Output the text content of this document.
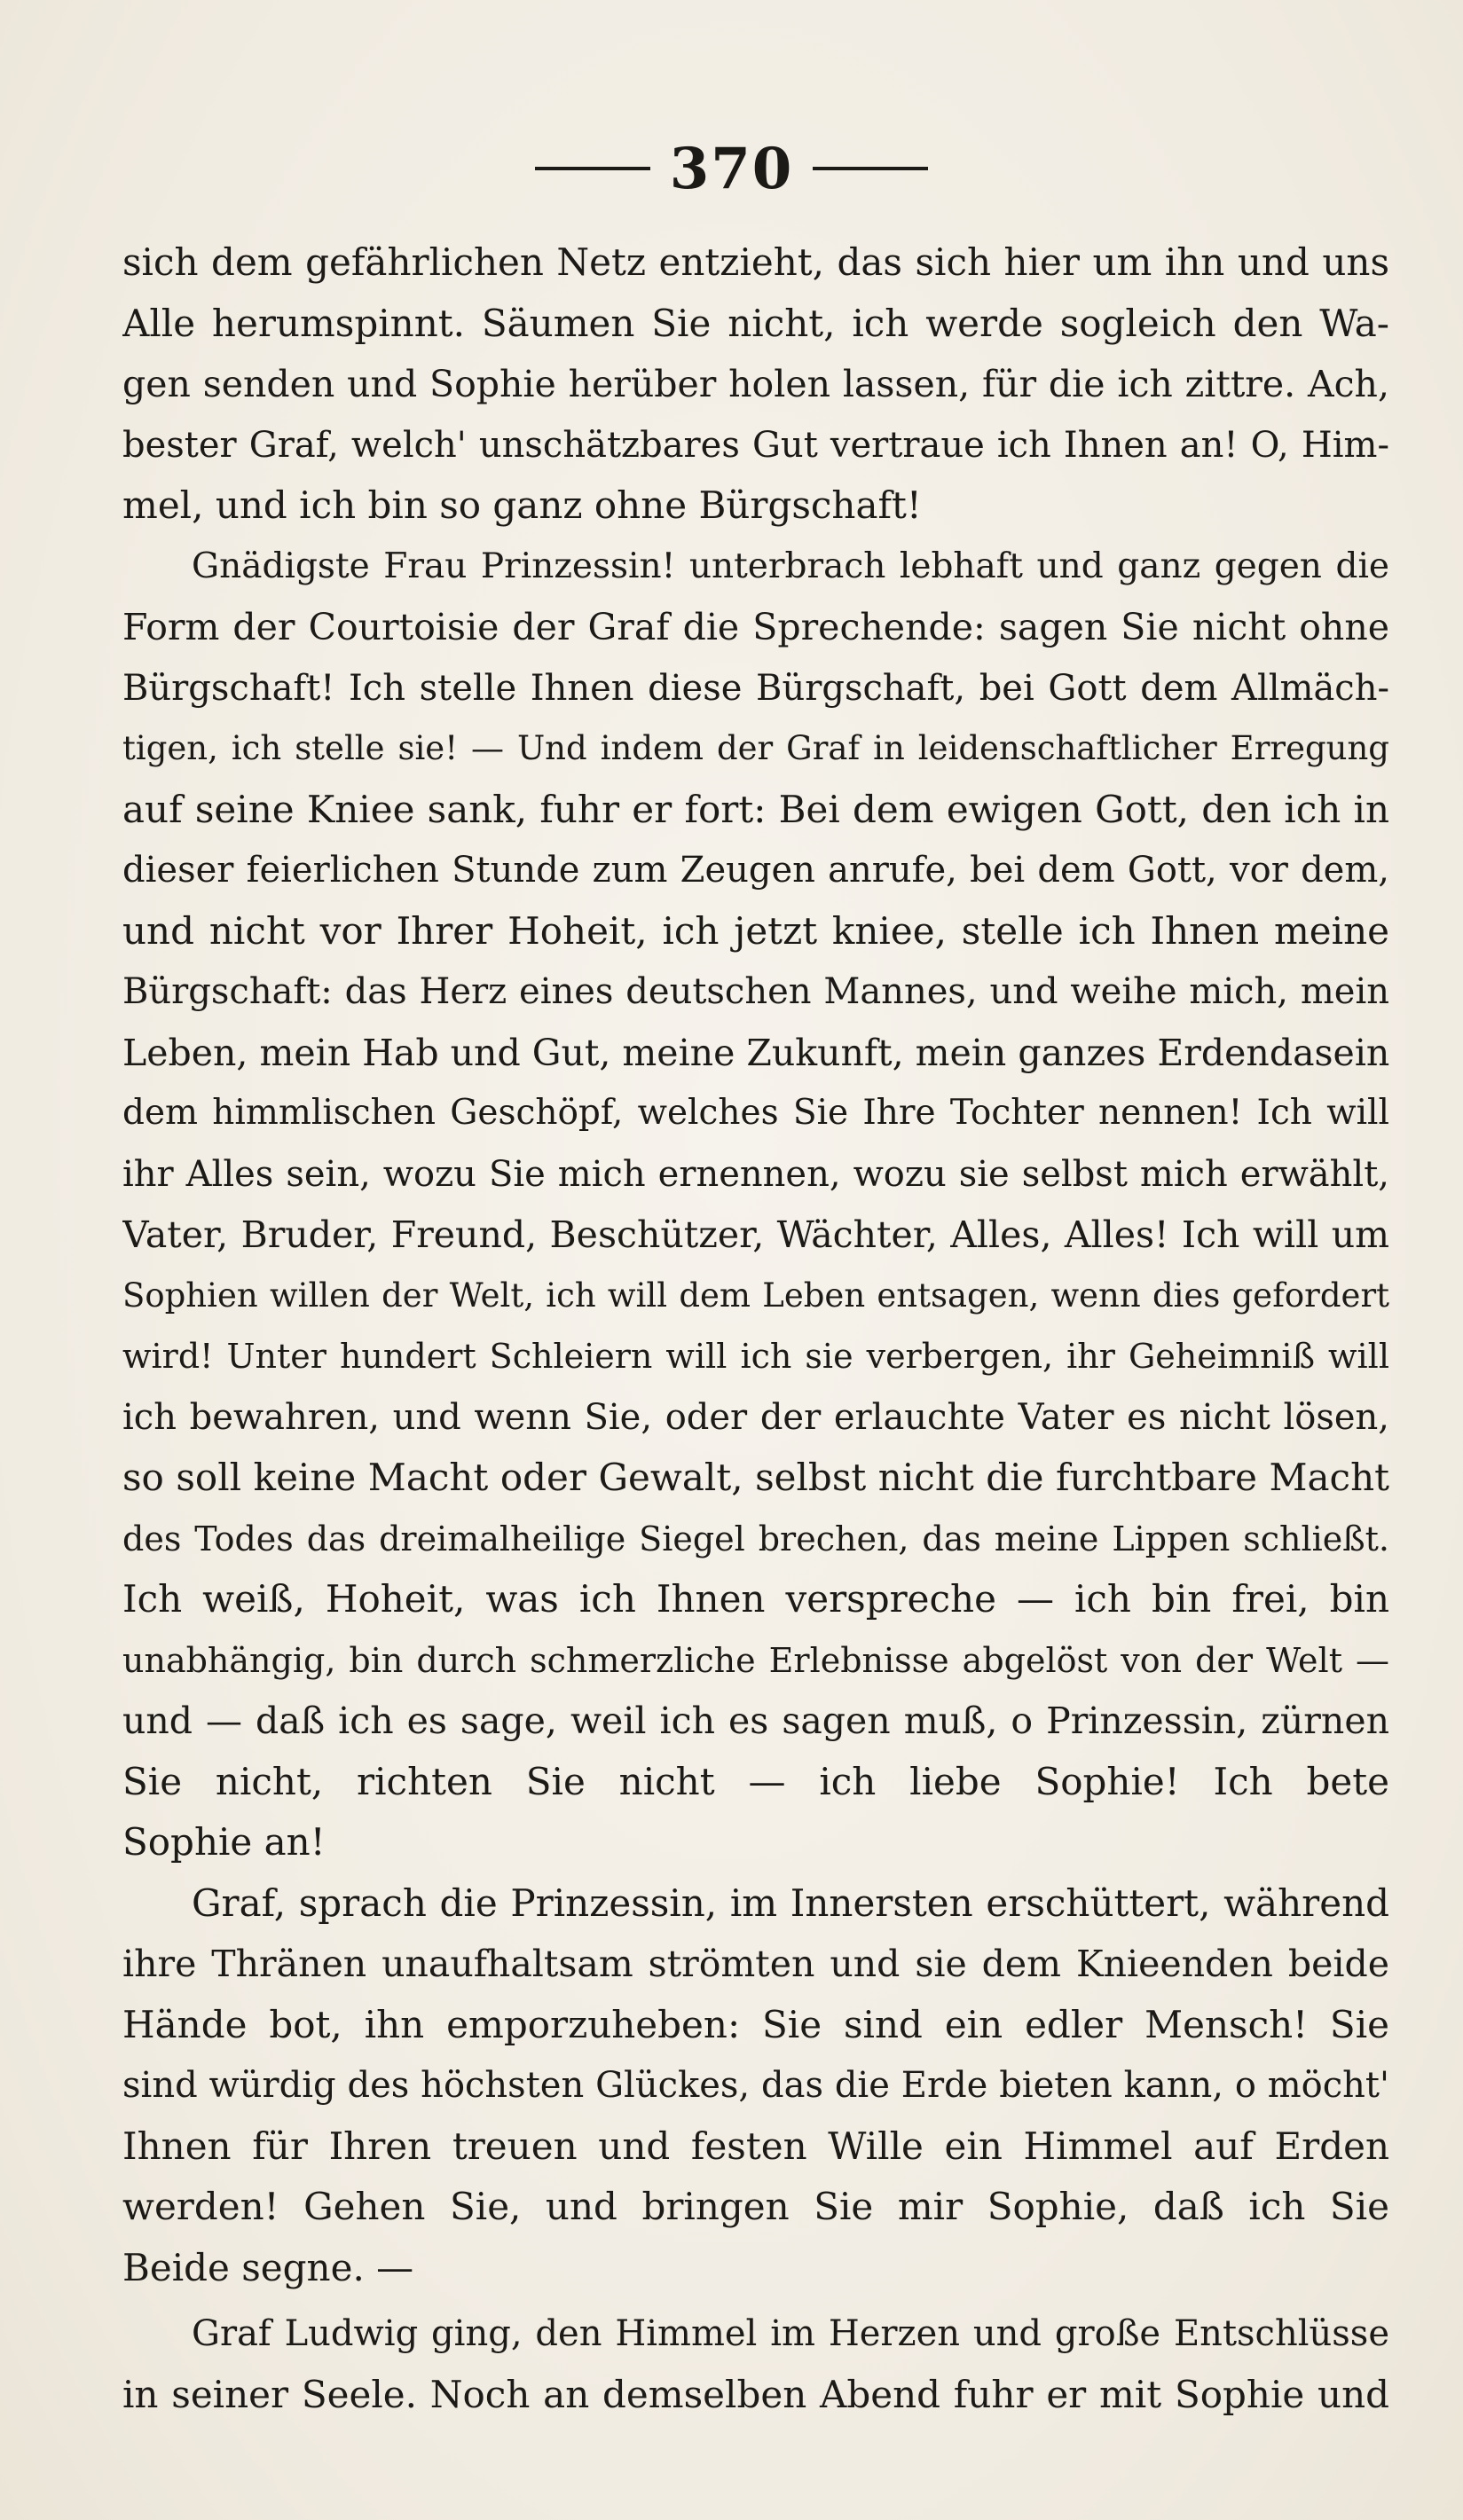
370
sich dem gefährlichen Netz entzieht, das sich hier um ihn und uns
Alle herumspinnt. Säumen Sie nicht, ich werde sogleich den Wa-
gen senden und Sophie herüber holen lassen, für die ich zittre. Ach,
bester Graf, welch' unschätzbares Gut vertraue ich Ihnen an! O, Him-
mel, und ich bin so ganz ohne Bürgschaft!
Gnädigste Frau Prinzessin! unterbrach lebhaft und ganz gegen die
Form der Courtoisie der Graf die Sprechende: sagen Sie nicht ohne
Bürgschaft! Ich stelle Ihnen diese Bürgschaft, bei Gott dem Allmäch-
tigen, ich stelle sie! — Und indem der Graf in leidenschaftlicher Erregung
auf seine Kniee sank, fuhr er fort: Bei dem ewigen Gott, den ich in
dieser feierlichen Stunde zum Zeugen anrufe, bei dem Gott, vor dem,
und nicht vor Ihrer Hoheit, ich jetzt kniee, stelle ich Ihnen meine
Bürgschaft: das Herz eines deutschen Mannes, und weihe mich, mein
Leben, mein Hab und Gut, meine Zukunft, mein ganzes Erdendasein
dem himmlischen Geschöpf, welches Sie Ihre Tochter nennen! Ich will
ihr Alles sein, wozu Sie mich ernennen, wozu sie selbst mich erwählt,
Vater, Bruder, Freund, Beschützer, Wächter, Alles, Alles! Ich will um
Sophien willen der Welt, ich will dem Leben entsagen, wenn dies gefordert
wird! Unter hundert Schleiern will ich sie verbergen, ihr Geheimniß will
ich bewahren, und wenn Sie, oder der erlauchte Vater es nicht lösen,
so soll keine Macht oder Gewalt, selbst nicht die furchtbare Macht
des Todes das dreimalheilige Siegel brechen, das meine Lippen schließt.
Ich weiß, Hoheit, was ich Ihnen verspreche — ich bin frei, bin
unabhängig, bin durch schmerzliche Erlebnisse abgelöst von der Welt —
und — daß ich es sage, weil ich es sagen muß, o Prinzessin, zürnen
Sie nicht, richten Sie nicht — ich liebe Sophie! Ich bete
Sophie an!
Graf, sprach die Prinzessin, im Innersten erschüttert, während
ihre Thränen unaufhaltsam strömten und sie dem Knieenden beide
Hände bot, ihn emporzuheben: Sie sind ein edler Mensch! Sie
sind würdig des höchsten Glückes, das die Erde bieten kann, o möcht'
Ihnen für Ihren treuen und festen Wille ein Himmel auf Erden
werden! Gehen Sie, und bringen Sie mir Sophie, daß ich Sie
Beide segne. —
Graf Ludwig ging, den Himmel im Herzen und große Entschlüsse
in seiner Seele. Noch an demselben Abend fuhr er mit Sophie und
